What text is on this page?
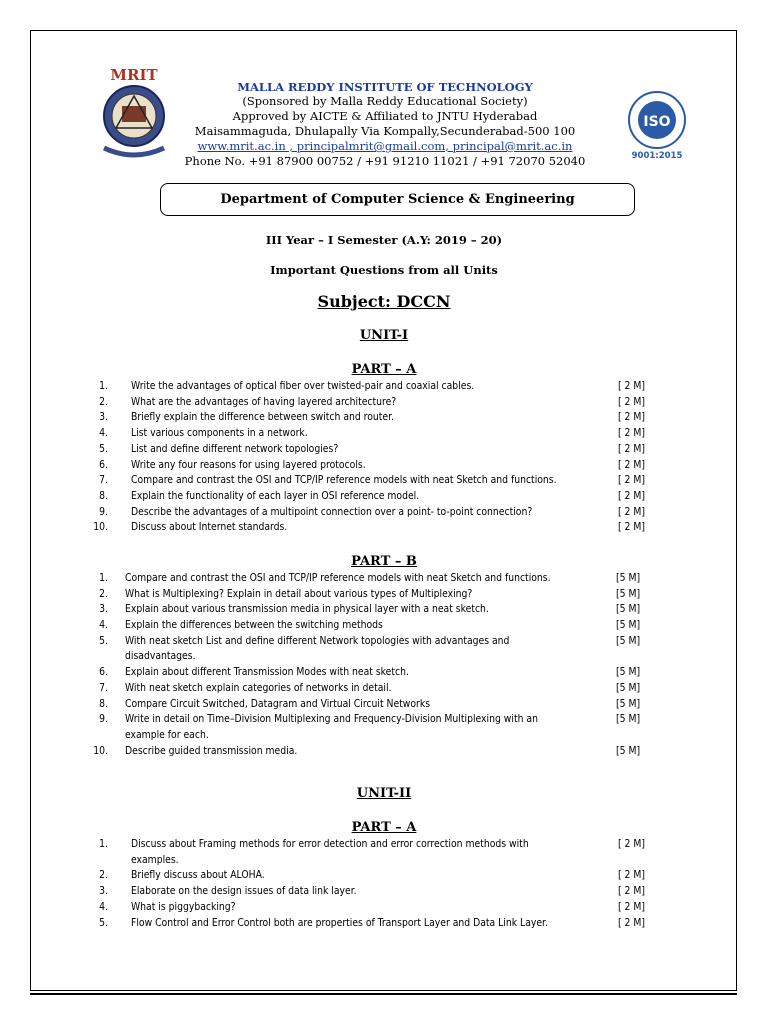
MRIT
ISO
9001:2015
MALLA REDDY INSTITUTE OF TECHNOLOGY
(Sponsored by Malla Reddy Educational Society)
Approved by AICTE & Affiliated to JNTU Hyderabad
Maisammaguda, Dhulapally Via Kompally,Secunderabad-500 100
www.mrit.ac.in , principalmrit@gmail.com, principal@mrit.ac.in
Phone No. +91 87900 00752 / +91 91210 11021 / +91 72070 52040
Department of Computer Science & Engineering
III Year – I Semester (A.Y: 2019 – 20)
Important Questions from all Units
Subject: DCCN
UNIT-I
PART – A
1. Write the advantages of optical fiber over twisted-pair and coaxial cables.	[ 2 M]
2. What are the advantages of having layered architecture?	[ 2 M]
3. Briefly explain the difference between switch and router.	[ 2 M]
4. List various components in a network.	[ 2 M]
5. List and define different network topologies?	[ 2 M]
6. Write any four reasons for using layered protocols.	[ 2 M]
7. Compare and contrast the OSI and TCP/IP reference models with neat Sketch and functions.	[ 2 M]
8. Explain the functionality of each layer in OSI reference model.	[ 2 M]
9. Describe the advantages of a multipoint connection over a point- to-point connection?	[ 2 M]
10. Discuss about Internet standards.	[ 2 M]
PART – B
1. Compare and contrast the OSI and TCP/IP reference models with neat Sketch and functions.	[5 M]
2. What is Multiplexing? Explain in detail about various types of Multiplexing?	[5 M]
3. Explain about various transmission media in physical layer with a neat sketch.	[5 M]
4. Explain the differences between the switching methods	[5 M]
5. With neat sketch List and define different Network topologies with advantages and
disadvantages.
[5 M]
6. Explain about different Transmission Modes with neat sketch.	[5 M]
7. With neat sketch explain categories of networks in detail.	[5 M]
8. Compare Circuit Switched, Datagram and Virtual Circuit Networks	[5 M]
9. Write in detail on Time–Division Multiplexing and Frequency-Division Multiplexing with an
example for each.
[5 M]
10. Describe guided transmission media.	[5 M]
UNIT-II
PART – A
1. Discuss about Framing methods for error detection and error correction methods with
examples.
[ 2 M]
2. Briefly discuss about ALOHA.	[ 2 M]
3. Elaborate on the design issues of data link layer.	[ 2 M]
4. What is piggybacking?	[ 2 M]
5. Flow Control and Error Control both are properties of Transport Layer and Data Link Layer.	[ 2 M]
